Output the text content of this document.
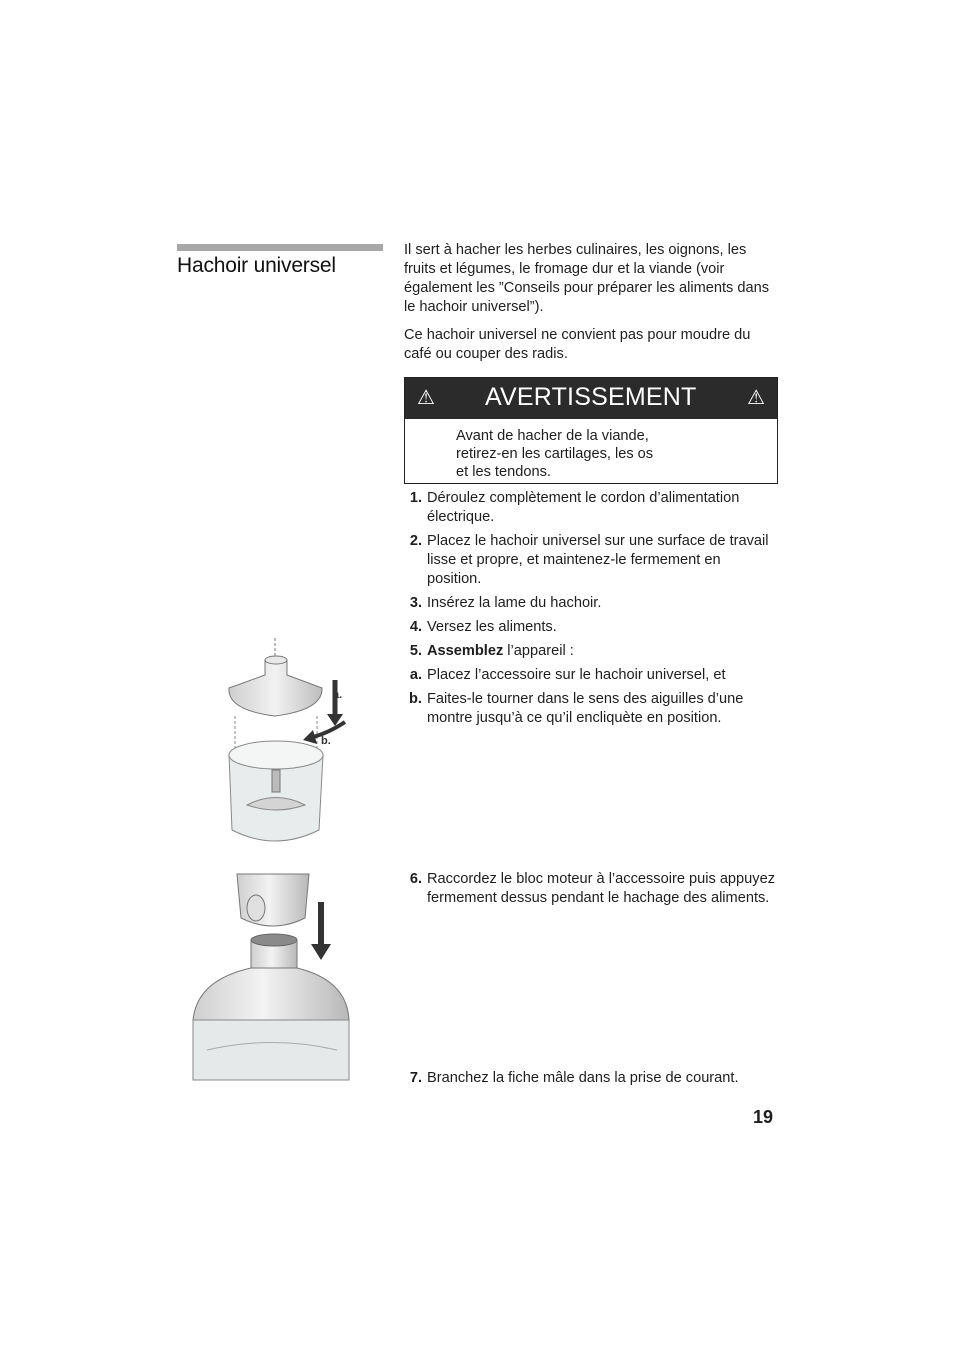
Hachoir universel

Il sert à hacher les herbes culinaires, les oignons, les fruits et légumes, le fromage dur et la viande (voir également les ”Conseils pour préparer les aliments dans le hachoir universel”).

Ce hachoir universel ne convient pas pour moudre du café ou couper des radis.

⚠ AVERTISSEMENT	⚠
Avant de hacher de la viande,
retirez-en les cartilages, les os
et les tendons.
1. Déroulez complètement le cordon d’alimentation électrique.
2. Placez le hachoir universel sur une surface de travail lisse et propre, et maintenez-le fermement en position.
3. Insérez la lame du hachoir.
4. Versez les aliments.
5. Assemblez l’appareil :
a. Placez l’accessoire sur le hachoir universel, et
b. Faites-le tourner dans le sens des aiguilles d’une montre jusqu’à ce qu’il encliquète en position.
6. Raccordez le bloc moteur à l’accessoire puis appuyez fermement dessus pendant le hachage des aliments.
7. Branchez la fiche mâle dans la prise de courant.
a.
b.
19
